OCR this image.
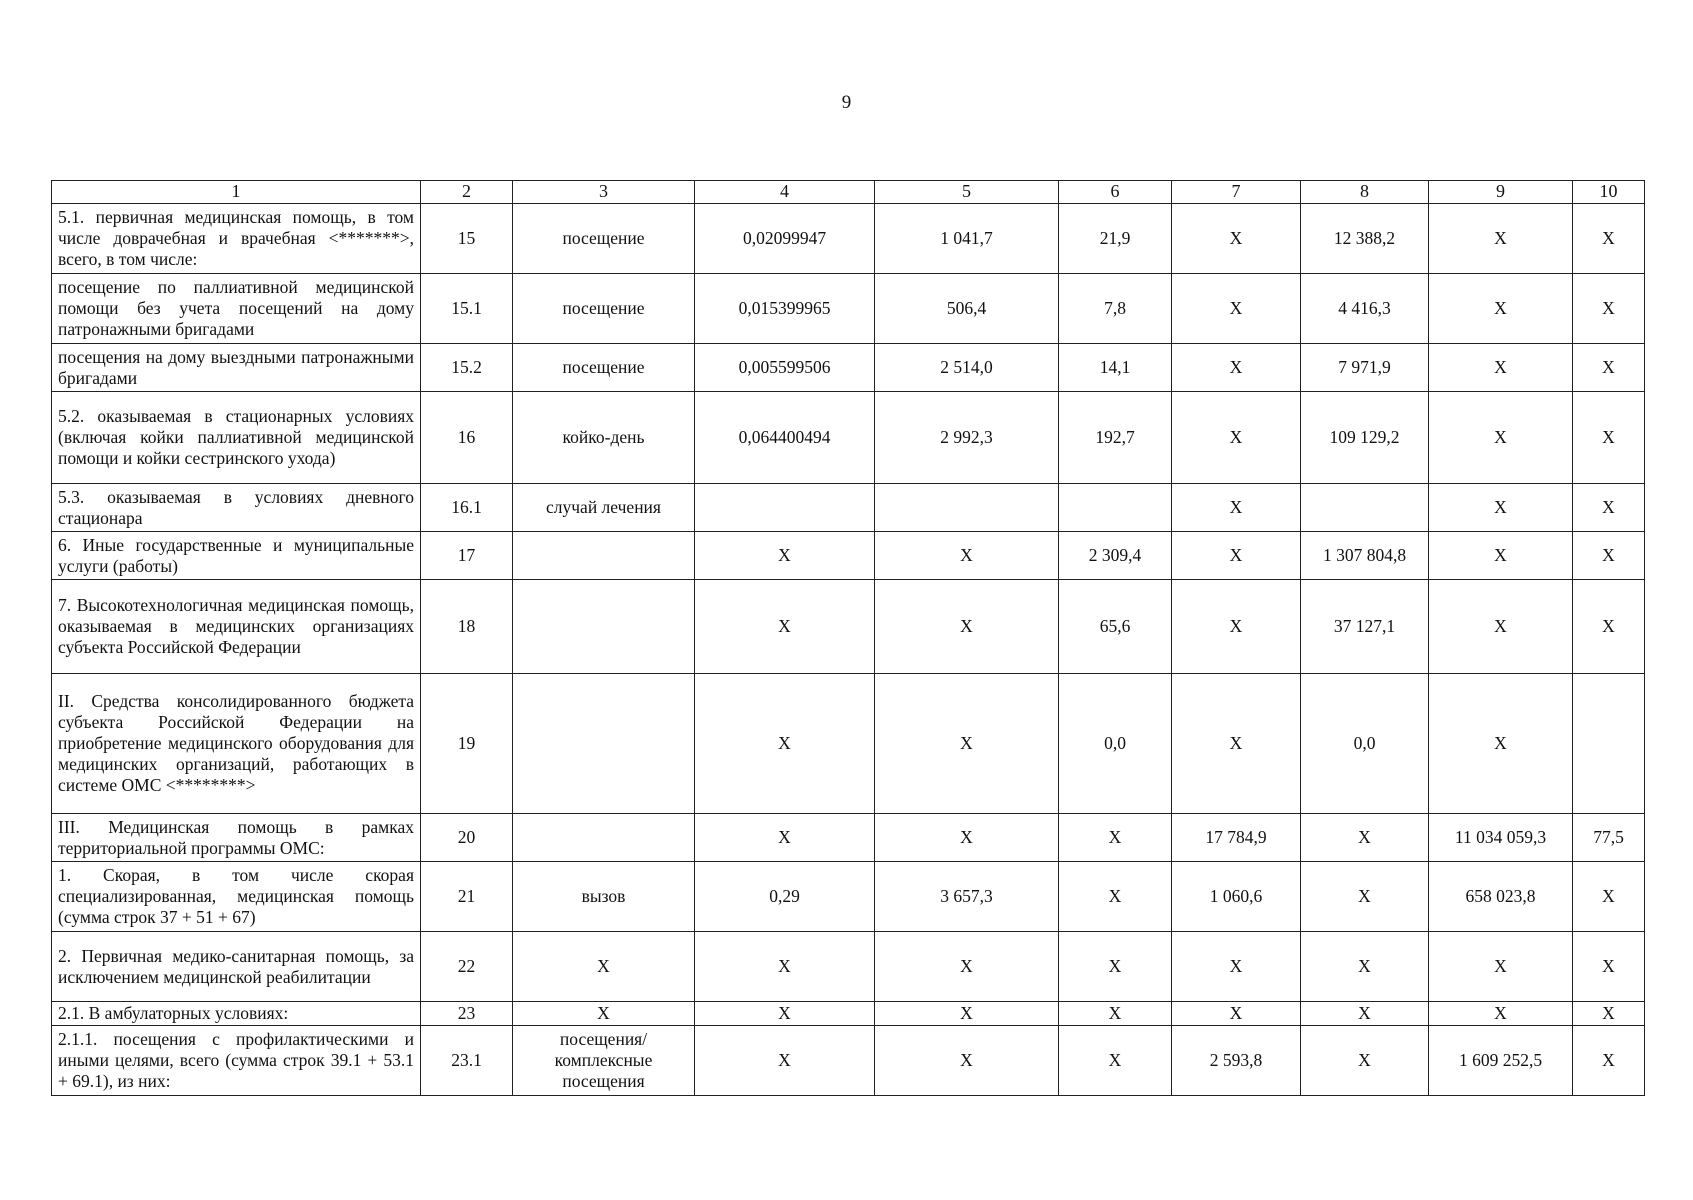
9
1	2	3	4	5	6	7	8	9	10
5.1. первичная медицинская помощь, в том числе доврачебная и врачебная <*******>, всего, в том числе:	15	посещение	0,02099947	1 041,7	21,9	X	12 388,2	X	X
посещение по паллиативной медицинской помощи без учета посещений на дому патронажными бригадами	15.1	посещение	0,015399965	506,4	7,8	X	4 416,3	X	X
посещения на дому выездными патронажными бригадами	15.2	посещение	0,005599506	2 514,0	14,1	X	7 971,9	X	X
5.2. оказываемая в стационарных условиях (включая койки паллиативной медицинской помощи и койки сестринского ухода)	16	койко-день	0,064400494	2 992,3	192,7	X	109 129,2	X	X
5.3. оказываемая в условиях дневного стационара	16.1	случай лечения				X		X	X
6. Иные государственные и муниципальные услуги (работы)	17		X	X	2 309,4	X	1 307 804,8	X	X
7. Высокотехнологичная медицинская помощь, оказываемая в медицинских организациях субъекта Российской Федерации	18		X	X	65,6	X	37 127,1	X	X
II. Средства консолидированного бюджета субъекта Российской Федерации на приобретение медицинского оборудования для медицинских организаций, работающих в системе ОМС <********>	19		X	X	0,0	X	0,0	X	
III. Медицинская помощь в рамках территориальной программы ОМС:	20		X	X	X	17 784,9	X	11 034 059,3	77,5
1. Скорая, в том числе скорая специализированная, медицинская помощь (сумма строк 37 + 51 + 67)	21	вызов	0,29	3 657,3	X	1 060,6	X	658 023,8	X
2. Первичная медико-санитарная помощь, за исключением медицинской реабилитации	22	X	X	X	X	X	X	X	X
2.1. В амбулаторных условиях:	23	X	X	X	X	X	X	X	X
2.1.1. посещения с профилактическими и иными целями, всего (сумма строк 39.1 + 53.1 + 69.1), из них:	23.1	посещения/комплексные посещения	X	X	X	2 593,8	X	1 609 252,5	X
